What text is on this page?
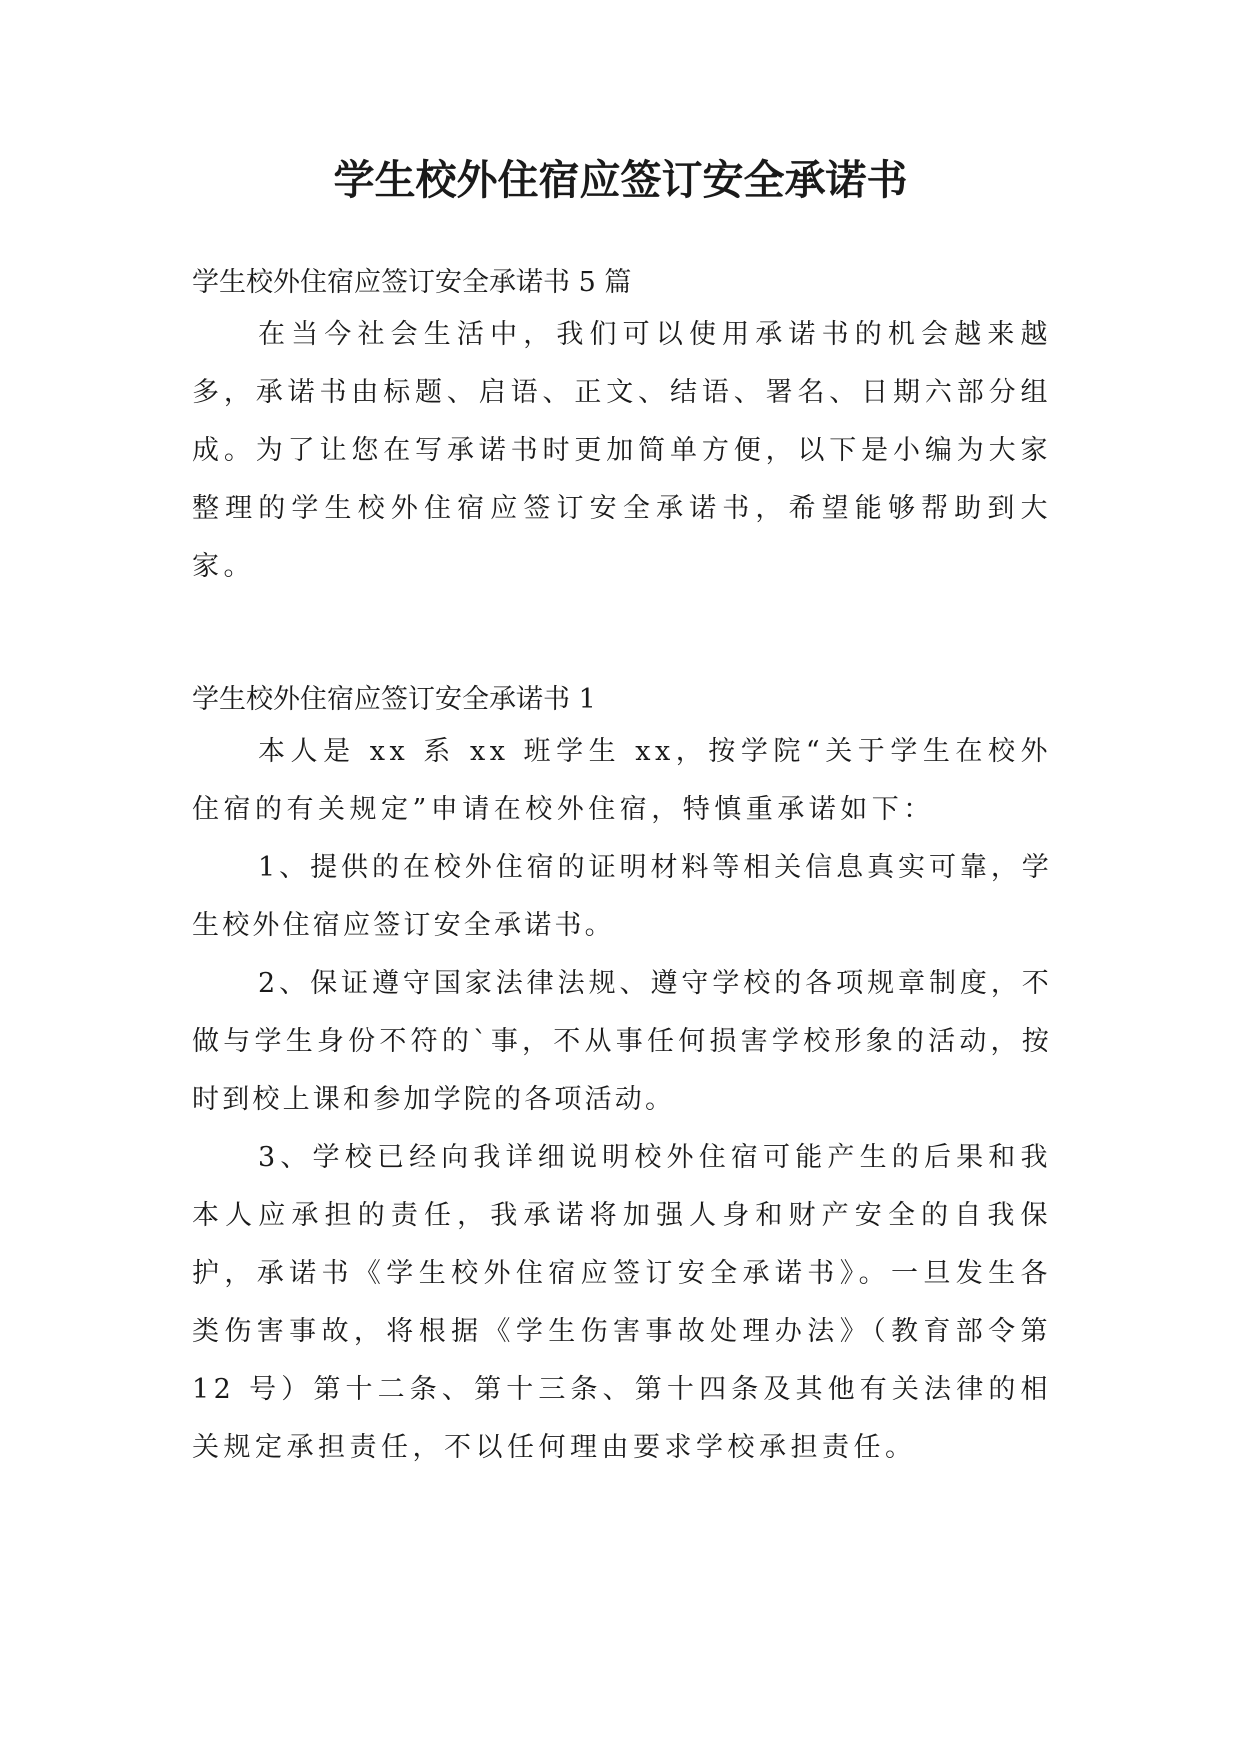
学生校外住宿应签订安全承诺书

学生校外住宿应签订安全承诺书 5 篇

在当今社会生活中，我们可以使用承诺书的机会越来越多，承诺书由标题、启语、正文、结语、署名、日期六部分组成。为了让您在写承诺书时更加简单方便，以下是小编为大家整理的学生校外住宿应签订安全承诺书，希望能够帮助到大家。

学生校外住宿应签订安全承诺书 1

本人是 xx 系 xx 班学生 xx，按学院“关于学生在校外住宿的有关规定”申请在校外住宿，特慎重承诺如下：

1、提供的在校外住宿的证明材料等相关信息真实可靠，学生校外住宿应签订安全承诺书。

2、保证遵守国家法律法规、遵守学校的各项规章制度，不做与学生身份不符的`事，不从事任何损害学校形象的活动，按时到校上课和参加学院的各项活动。

3、学校已经向我详细说明校外住宿可能产生的后果和我本人应承担的责任，我承诺将加强人身和财产安全的自我保护，承诺书《学生校外住宿应签订安全承诺书》。一旦发生各类伤害事故，将根据《学生伤害事故处理办法》（教育部令第 12 号）第十二条、第十三条、第十四条及其他有关法律的相关规定承担责任，不以任何理由要求学校承担责任。
